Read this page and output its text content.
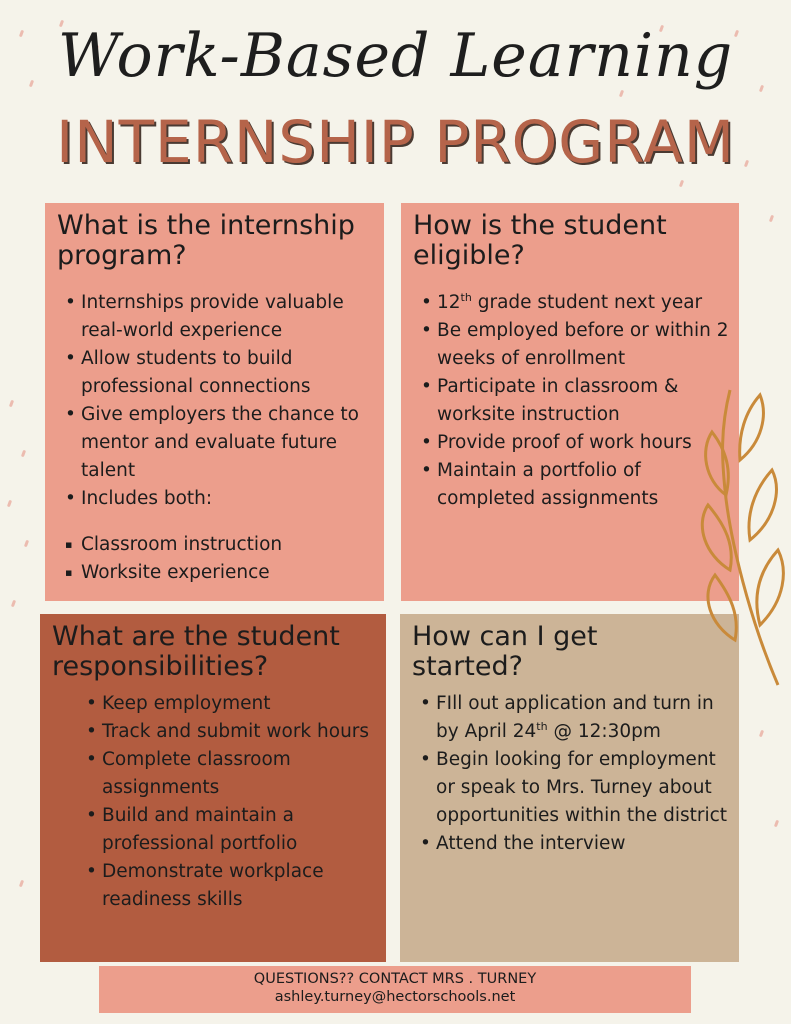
Work-Based Learning
INTERNSHIP PROGRAM
What is the internship
program?
• Internships provide valuable real-world experience
• Allow students to build professional connections
• Give employers the chance to mentor and evaluate future talent
• Includes both:
▪ Classroom instruction
▪ Worksite experience
How is the student
eligible?
• 12th grade student next year
• Be employed before or within 2 weeks of enrollment
• Participate in classroom & worksite instruction
• Provide proof of work hours
• Maintain a portfolio of completed assignments
What are the student
responsibilities?
• Keep employment
• Track and submit work hours
• Complete classroom assignments
• Build and maintain a professional portfolio
• Demonstrate workplace readiness skills
How can I get
started?
• FIll out application and turn in by April 24th @ 12:30pm
• Begin looking for employment or speak to Mrs. Turney about opportunities within the district
• Attend the interview
QUESTIONS?? CONTACT MRS . TURNEY
ashley.turney@hectorschools.net
